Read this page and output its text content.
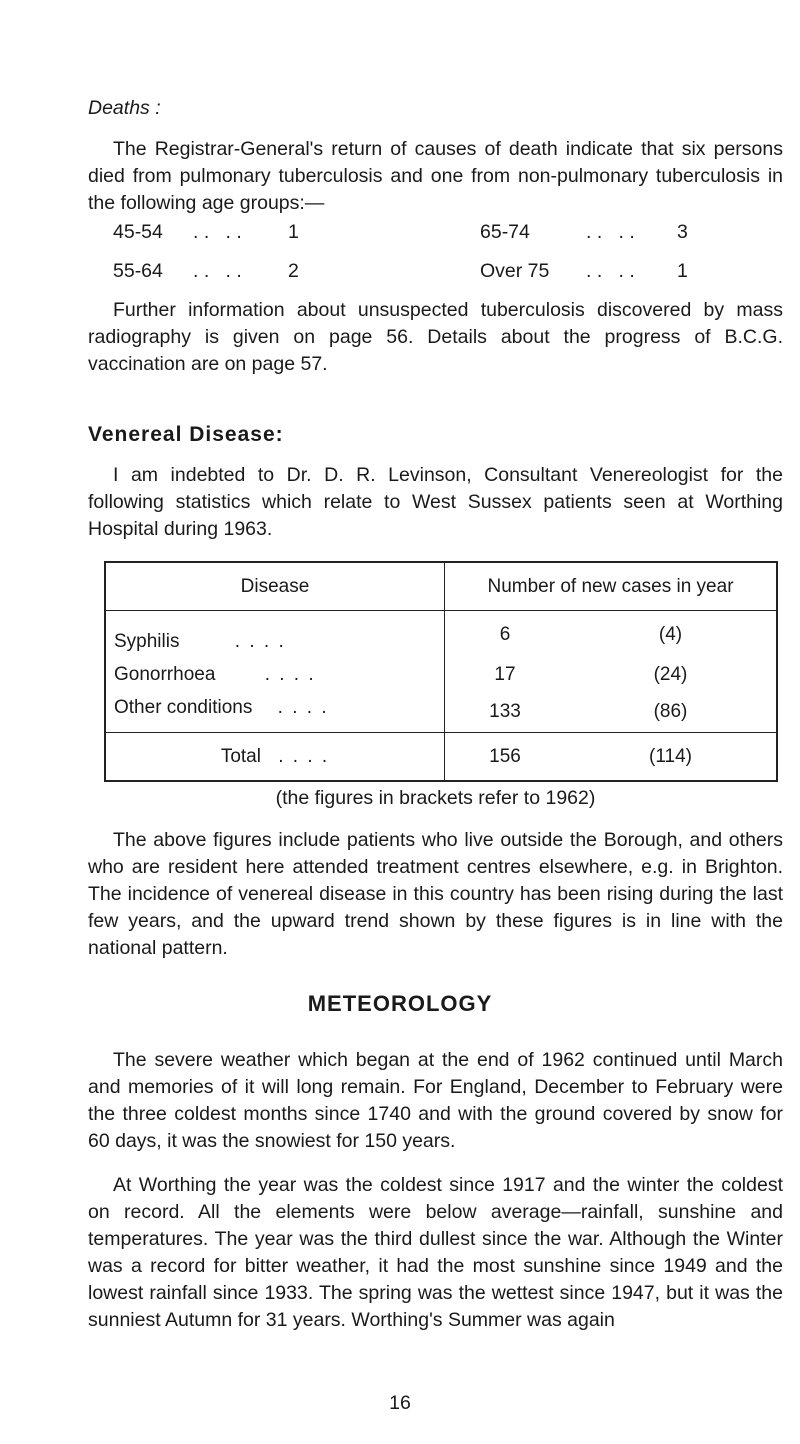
Deaths :
The Registrar-General's return of causes of death indicate that six persons died from pulmonary tuberculosis and one from non-pulmonary tuberculosis in the following age groups:—
45-54 . .   . . 1	65-74	. .   . . 3
55-64 . .   . . 2	Over 75 . .   . . 1
Further information about unsuspected tuberculosis discovered by mass radiography is given on page 56. Details about the progress of B.C.G. vaccination are on page 57.
Venereal Disease:
I am indebted to Dr. D. R. Levinson, Consultant Venereologist for the following statistics which relate to West Sussex patients seen at Worthing Hospital during 1963.
Disease	Number of new cases in year	
Syphilis . . . .	6	(4)
Gonorrhoea . . . .	17	(24)
Other conditions . . . .	133	(86)
Total . . . .	156	(114)
(the figures in brackets refer to 1962)
The above figures include patients who live outside the Borough, and others who are resident here attended treatment centres elsewhere, e.g. in Brighton. The incidence of venereal disease in this country has been rising during the last few years, and the upward trend shown by these figures is in line with the national pattern.
METEOROLOGY
The severe weather which began at the end of 1962 continued until March and memories of it will long remain. For England, December to February were the three coldest months since 1740 and with the ground covered by snow for 60 days, it was the snowiest for 150 years.
At Worthing the year was the coldest since 1917 and the winter the coldest on record. All the elements were below average—rainfall, sunshine and temperatures. The year was the third dullest since the war. Although the Winter was a record for bitter weather, it had the most sunshine since 1949 and the lowest rainfall since 1933. The spring was the wettest since 1947, but it was the sunniest Autumn for 31 years. Worthing's Summer was again
16
